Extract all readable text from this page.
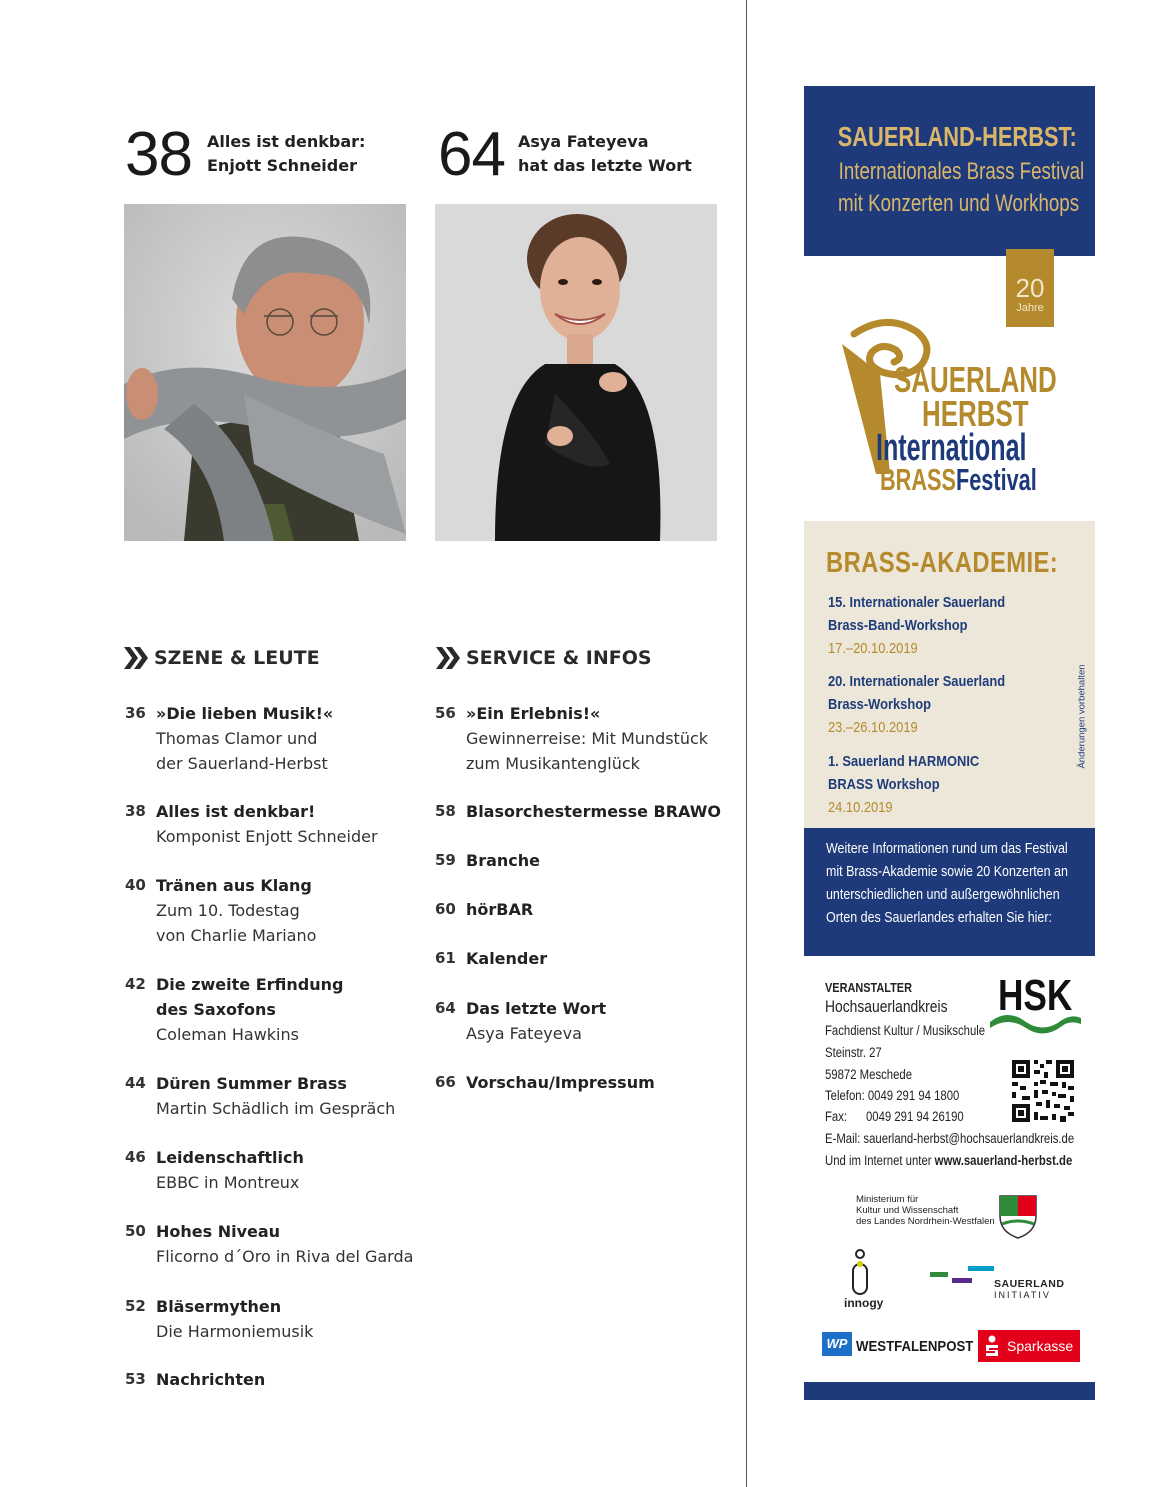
38 Alles ist denkbar:
Enjott Schneider 64 Asya Fateyeva
hat das letzte Wort
SZENE & LEUTE
36 »Die lieben Musik!«
Thomas Clamor und
der Sauerland-Herbst
38 Alles ist denkbar!
Komponist Enjott Schneider
40 Tränen aus Klang
Zum 10. Todestag
von Charlie Mariano
42 Die zweite Erfindung
des Saxofons
Coleman Hawkins
44 Düren Summer Brass
Martin Schädlich im Gespräch
46 Leidenschaftlich
EBBC in Montreux
50 Hohes Niveau
Flicorno d´Oro in Riva del Garda
52 Bläsermythen
Die Harmoniemusik
53 Nachrichten
SERVICE & INFOS
56 »Ein Erlebnis!«
Gewinnerreise: Mit Mundstück
zum Musikantenglück
58 Blasorchestermesse BRAWO
59 Branche
60 hörBAR
61 Kalender
64 Das letzte Wort
Asya Fateyeva
66 Vorschau/Impressum
SAUERLAND-HERBST:
Internationales Brass Festival
mit Konzerten und Workhops
20
Jahre
SAUERLAND
HERBST
International
BRASSFestival
BRASS-AKADEMIE:
15. Internationaler Sauerland
Brass-Band-Workshop
17.–20.10.2019
20. Internationaler Sauerland
Brass-Workshop
23.–26.10.2019
1. Sauerland HARMONIC
BRASS Workshop
24.10.2019
Änderungen vorbehalten
Weitere Informationen rund um das Festival
mit Brass-Akademie sowie 20 Konzerten an
unterschiedlichen und außergewöhnlichen
Orten des Sauerlandes erhalten Sie hier:
VERANSTALTER
Hochsauerlandkreis
Fachdienst Kultur / Musikschule
Steinstr. 27
59872 Meschede
Telefon: 0049 291 94 1800
Fax:      0049 291 94 26190
E-Mail: sauerland-herbst@hochsauerlandkreis.de
Und im Internet unter www.sauerland-herbst.de
HSK
Ministerium für
Kultur und Wissenschaft
des Landes Nordrhein-Westfalen
innogy
SAUERLAND
INITIATIV
WP WESTFALENPOST Sparkasse
